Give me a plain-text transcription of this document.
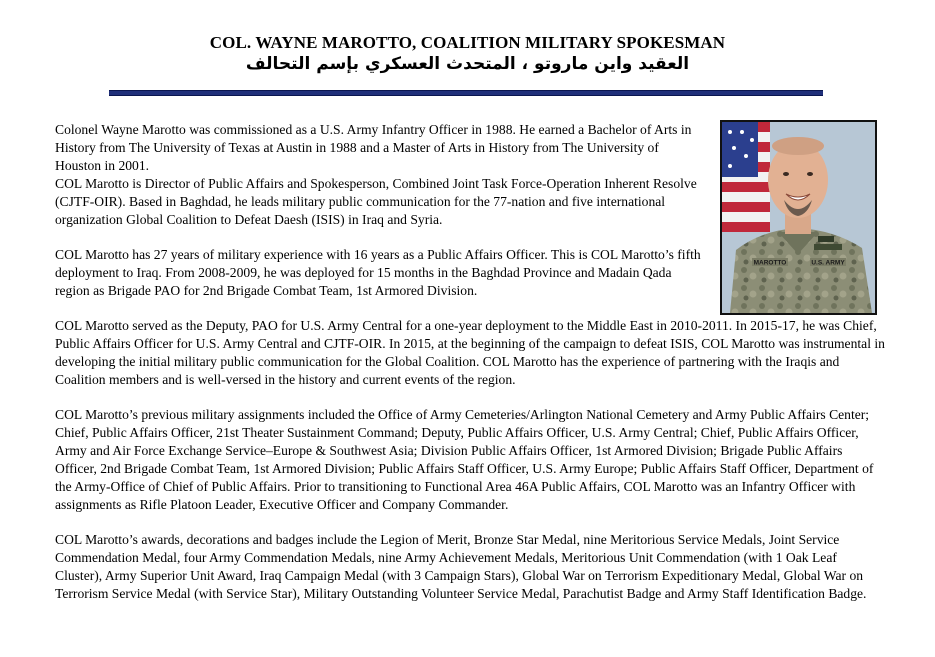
COL. WAYNE MAROTTO, COALITION MILITARY SPOKESMAN
العقيد واين ماروتو ، المتحدث العسكري بإسم التحالف
MAROTTO	U.S. ARMY

Colonel Wayne Marotto was commissioned as a U.S. Army Infantry Officer in 1988. He earned a Bachelor of Arts in History from The University of Texas at Austin in 1988 and a Master of Arts in History from The University of Houston in 2001.

COL Marotto is Director of Public Affairs and Spokesperson, Combined Joint Task Force-Operation Inherent Resolve (CJTF-OIR). Based in Baghdad, he leads military public communication for the 77-nation and five international organization Global Coalition to Defeat Daesh (ISIS) in Iraq and Syria.

COL Marotto has 27 years of military experience with 16 years as a Public Affairs Officer. This is COL Marotto’s fifth deployment to Iraq. From 2008-2009, he was deployed for 15 months in the Baghdad Province and Madain Qada region as Brigade PAO for 2nd Brigade Combat Team, 1st Armored Division.

COL Marotto served as the Deputy, PAO for U.S. Army Central for a one-year deployment to the Middle East in 2010-2011. In 2015-17, he was Chief, Public Affairs Officer for U.S. Army Central and CJTF-OIR. In 2015, at the beginning of the campaign to defeat ISIS, COL Marotto was instrumental in developing the initial military public communication for the Global Coalition. COL Marotto has the experience of partnering with the Iraqis and Coalition members and is well-versed in the history and current events of the region.

COL Marotto’s previous military assignments included the Office of Army Cemeteries/Arlington National Cemetery and Army Public Affairs Center; Chief, Public Affairs Officer, 21st Theater Sustainment Command; Deputy, Public Affairs Officer, U.S. Army Central; Chief, Public Affairs Officer, Army and Air Force Exchange Service–Europe & Southwest Asia; Division Public Affairs Officer, 1st Armored Division; Brigade Public Affairs Officer, 2nd Brigade Combat Team, 1st Armored Division; Public Affairs Staff Officer, U.S. Army Europe; Public Affairs Staff Officer, Department of the Army-Office of Chief of Public Affairs. Prior to transitioning to Functional Area 46A Public Affairs, COL Marotto was an Infantry Officer with assignments as Rifle Platoon Leader, Executive Officer and Company Commander.

COL Marotto’s awards, decorations and badges include the Legion of Merit, Bronze Star Medal, nine Meritorious Service Medals, Joint Service Commendation Medal, four Army Commendation Medals, nine Army Achievement Medals, Meritorious Unit Commendation (with 1 Oak Leaf Cluster), Army Superior Unit Award, Iraq Campaign Medal (with 3 Campaign Stars), Global War on Terrorism Expeditionary Medal, Global War on Terrorism Service Medal (with Service Star), Military Outstanding Volunteer Service Medal, Parachutist Badge and Army Staff Identification Badge.
